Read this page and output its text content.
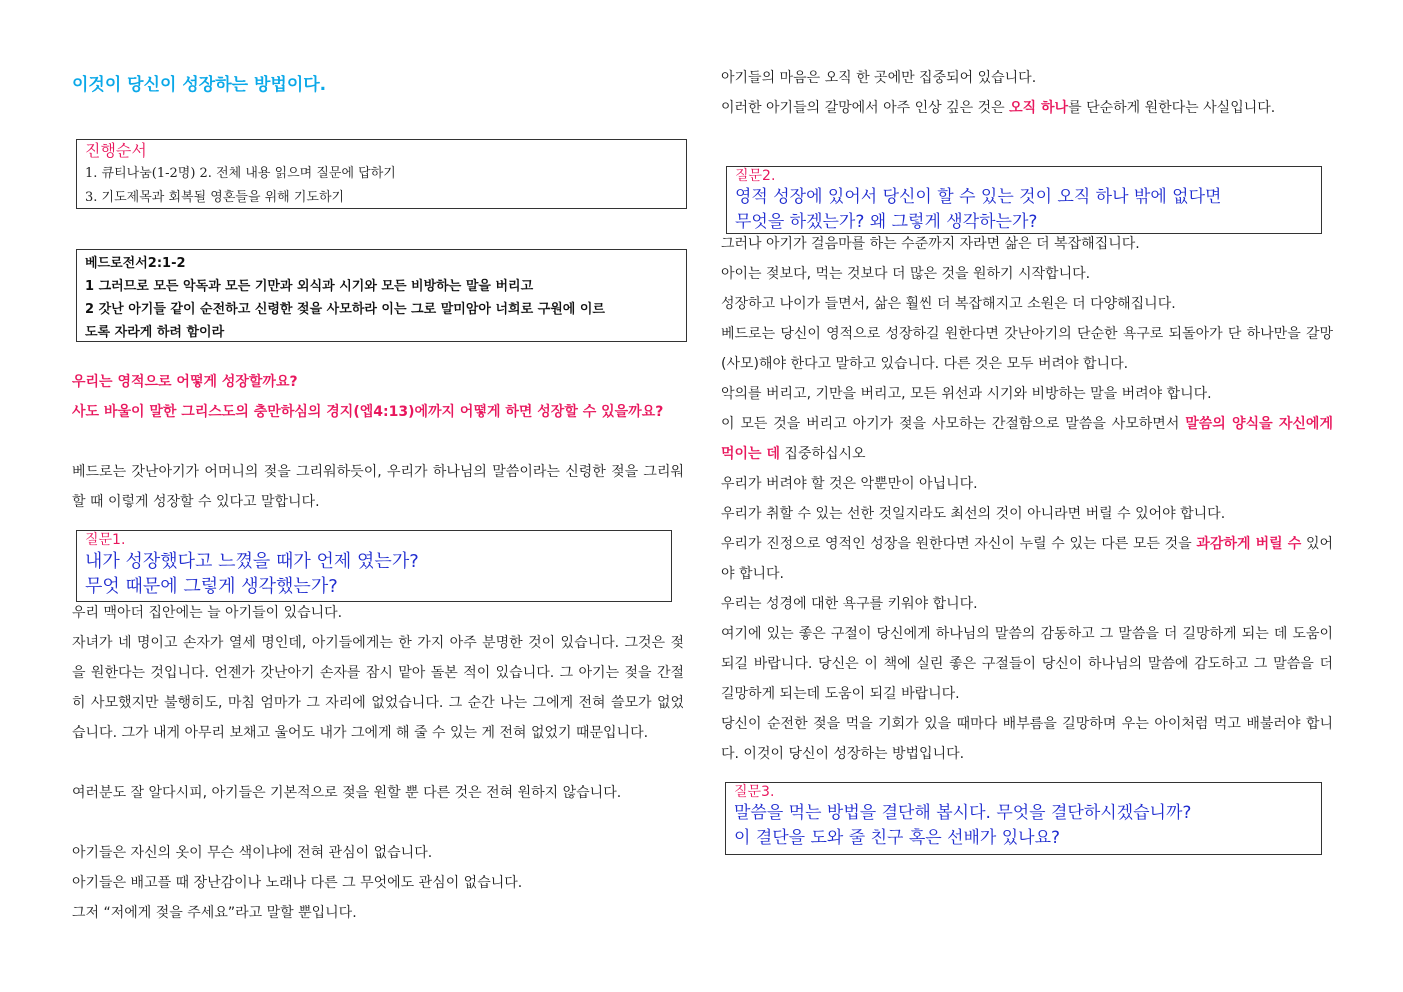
이것이 당신이 성장하는 방법이다.
진행순서
1. 큐티나눔(1-2명) 2. 전체 내용 읽으며 질문에 답하기
3. 기도제목과 회복될 영혼들을 위해 기도하기
베드로전서2:1-2
1 그러므로 모든 악독과 모든 기만과 외식과 시기와 모든 비방하는 말을 버리고
2 갓난 아기들 같이 순전하고 신령한 젖을 사모하라 이는 그로 말미암아 너희로 구원에 이르
도록 자라게 하려 함이라
우리는 영적으로 어떻게 성장할까요?
사도 바울이 말한 그리스도의 충만하심의 경지(엡4:13)에까지 어떻게 하면 성장할 수 있을까요?
베드로는 갓난아기가 어머니의 젖을 그리워하듯이, 우리가 하나님의 말씀이라는 신령한 젖을 그리워할 때 이렇게 성장할 수 있다고 말합니다.
질문1.
내가 성장했다고 느꼈을 때가 언제 였는가?
무엇 때문에 그렇게 생각했는가?
우리 맥아더 집안에는 늘 아기들이 있습니다.
자녀가 네 명이고 손자가 열세 명인데, 아기들에게는 한 가지 아주 분명한 것이 있습니다. 그것은 젖을 원한다는 것입니다. 언젠가 갓난아기 손자를 잠시 맡아 돌본 적이 있습니다. 그 아기는 젖을 간절히 사모했지만 불행히도, 마침 엄마가 그 자리에 없었습니다. 그 순간 나는 그에게 전혀 쓸모가 없었습니다. 그가 내게 아무리 보채고 울어도 내가 그에게 해 줄 수 있는 게 전혀 없었기 때문입니다.
여러분도 잘 알다시피, 아기들은 기본적으로 젖을 원할 뿐 다른 것은 전혀 원하지 않습니다.
아기들은 자신의 옷이 무슨 색이냐에 전혀 관심이 없습니다.
아기들은 배고플 때 장난감이나 노래나 다른 그 무엇에도 관심이 없습니다.
그저 “저에게 젖을 주세요”라고 말할 뿐입니다.
아기들의 마음은 오직 한 곳에만 집중되어 있습니다.
이러한 아기들의 갈망에서 아주 인상 깊은 것은 오직 하나를 단순하게 원한다는 사실입니다.
질문2.
영적 성장에 있어서 당신이 할 수 있는 것이 오직 하나 밖에 없다면
무엇을 하겠는가? 왜 그렇게 생각하는가?
그러나 아기가 걸음마를 하는 수준까지 자라면 삶은 더 복잡해집니다.
아이는 젖보다, 먹는 것보다 더 많은 것을 원하기 시작합니다.
성장하고 나이가 들면서, 삶은 훨씬 더 복잡해지고 소원은 더 다양해집니다.
베드로는 당신이 영적으로 성장하길 원한다면 갓난아기의 단순한 욕구로 되돌아가 단 하나만을 갈망(사모)해야 한다고 말하고 있습니다. 다른 것은 모두 버려야 합니다.
악의를 버리고, 기만을 버리고, 모든 위선과 시기와 비방하는 말을 버려야 합니다.
이 모든 것을 버리고 아기가 젖을 사모하는 간절함으로 말씀을 사모하면서 말씀의 양식을 자신에게 먹이는 데 집중하십시오
우리가 버려야 할 것은 악뿐만이 아닙니다.
우리가 취할 수 있는 선한 것일지라도 최선의 것이 아니라면 버릴 수 있어야 합니다.
우리가 진정으로 영적인 성장을 원한다면 자신이 누릴 수 있는 다른 모든 것을 과감하게 버릴 수 있어야 합니다.
우리는 성경에 대한 욕구를 키워야 합니다.
여기에 있는 좋은 구절이 당신에게 하나님의 말씀의 감동하고 그 말씀을 더 길망하게 되는 데 도움이 되길 바랍니다. 당신은 이 책에 실린 좋은 구절들이 당신이 하나님의 말씀에 감도하고 그 말씀을 더 길망하게 되는데 도움이 되길 바랍니다.
당신이 순전한 젖을 먹을 기회가 있을 때마다 배부름을 길망하며 우는 아이처럼 먹고 배불러야 합니다. 이것이 당신이 성장하는 방법입니다.
질문3.
말씀을 먹는 방법을 결단해 봅시다. 무엇을 결단하시겠습니까?
이 결단을 도와 줄 친구 혹은 선배가 있나요?
